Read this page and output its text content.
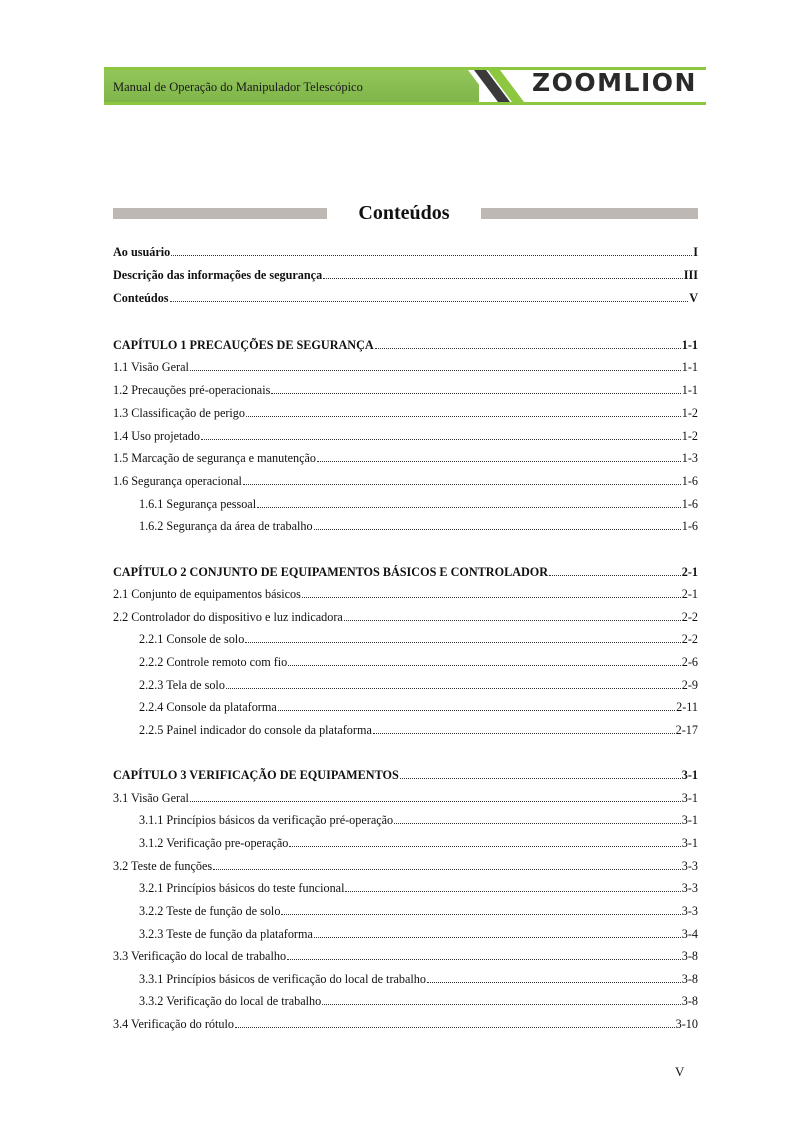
Manual de Operação do Manipulador Telescópico	ZOOMLION
Conteúdos
Ao usuário	I
Descrição das informações de segurança	III
Conteúdos	V
CAPÍTULO 1 PRECAUÇÕES DE SEGURANÇA	1-1
1.1 Visão Geral	1-1
1.2 Precauções pré-operacionais	1-1
1.3 Classificação de perigo	1-2
1.4 Uso projetado	1-2
1.5 Marcação de segurança e manutenção	1-3
1.6 Segurança operacional	1-6
1.6.1 Segurança pessoal	1-6
1.6.2 Segurança da área de trabalho	1-6
CAPÍTULO 2 CONJUNTO DE EQUIPAMENTOS BÁSICOS E CONTROLADOR	2-1
2.1 Conjunto de equipamentos básicos	2-1
2.2 Controlador do dispositivo e luz indicadora	2-2
2.2.1 Console de solo	2-2
2.2.2 Controle remoto com fio	2-6
2.2.3 Tela de solo	2-9
2.2.4 Console da plataforma	2-11
2.2.5 Painel indicador do console da plataforma	2-17
CAPÍTULO 3 VERIFICAÇÃO DE EQUIPAMENTOS	3-1
3.1 Visão Geral	3-1
3.1.1 Princípios básicos da verificação pré-operação	3-1
3.1.2 Verificação pre-operação	3-1
3.2 Teste de funções	3-3
3.2.1 Princípios básicos do teste funcional	3-3
3.2.2 Teste de função de solo	3-3
3.2.3 Teste de função da plataforma	3-4
3.3 Verificação do local de trabalho	3-8
3.3.1 Princípios básicos de verificação do local de trabalho	3-8
3.3.2 Verificação do local de trabalho	3-8
3.4 Verificação do rótulo	3-10
V
